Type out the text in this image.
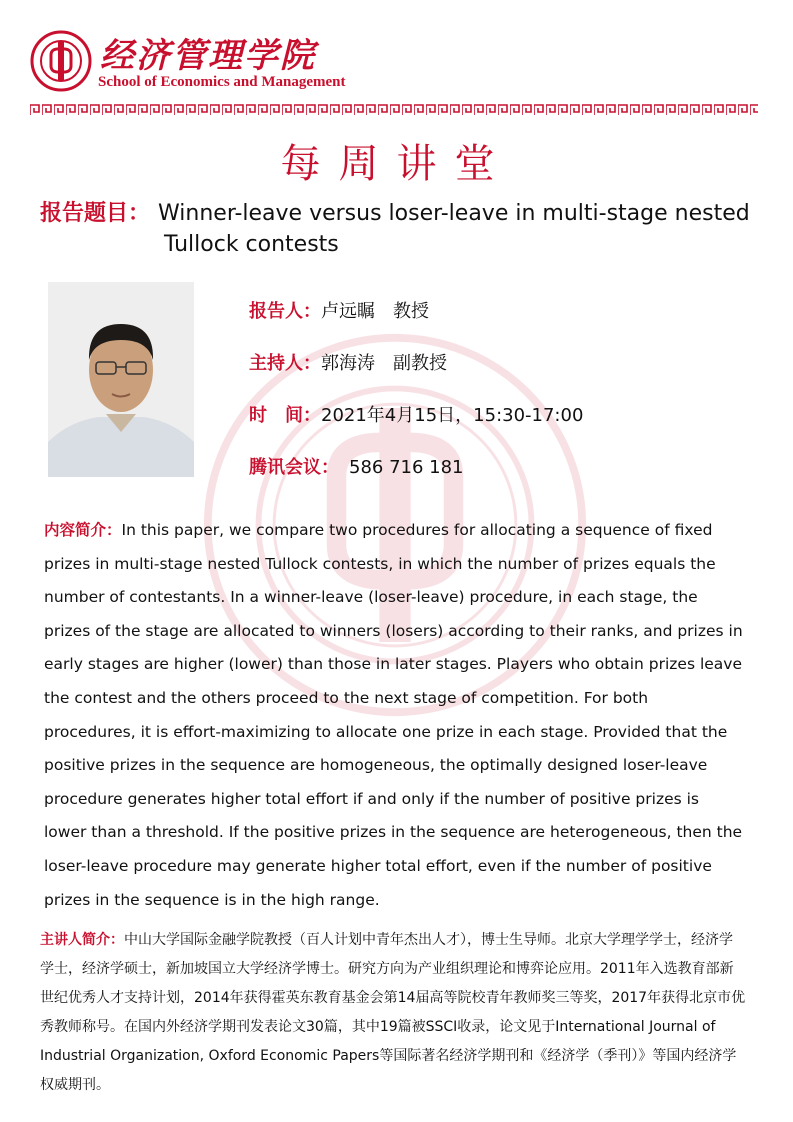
经济管理学院
School of Economics and Management
每周讲堂
报告题目： Winner-leave versus loser-leave in multi-stage nested
Tullock contests
报告人：卢远瞩 教授
主持人：郭海涛 副教授
时　间：2021年4月15日，15:30-17:00
腾讯会议： 586 716 181
内容简介：In this paper, we compare two procedures for allocating a sequence of fixed prizes in multi-stage nested Tullock contests, in which the number of prizes equals the number of contestants. In a winner-leave (loser-leave) procedure, in each stage, the prizes of the stage are allocated to winners (losers) according to their ranks, and prizes in early stages are higher (lower) than those in later stages. Players who obtain prizes leave the contest and the others proceed to the next stage of competition. For both procedures, it is effort-maximizing to allocate one prize in each stage. Provided that the positive prizes in the sequence are homogeneous, the optimally designed loser-leave procedure generates higher total effort if and only if the number of positive prizes is lower than a threshold. If the positive prizes in the sequence are heterogeneous, then the loser-leave procedure may generate higher total effort, even if the number of positive prizes in the sequence is in the high range.
主讲人简介：中山大学国际金融学院教授（百人计划中青年杰出人才），博士生导师。北京大学理学学士，经济学学士，经济学硕士，新加坡国立大学经济学博士。研究方向为产业组织理论和博弈论应用。2011年入选教育部新世纪优秀人才支持计划，2014年获得霍英东教育基金会第14届高等院校青年教师奖三等奖，2017年获得北京市优秀教师称号。在国内外经济学期刊发表论文30篇，其中19篇被SSCI收录，论文见于International Journal of Industrial Organization, Oxford Economic Papers等国际著名经济学期刊和《经济学（季刊）》等国内经济学权威期刊。
